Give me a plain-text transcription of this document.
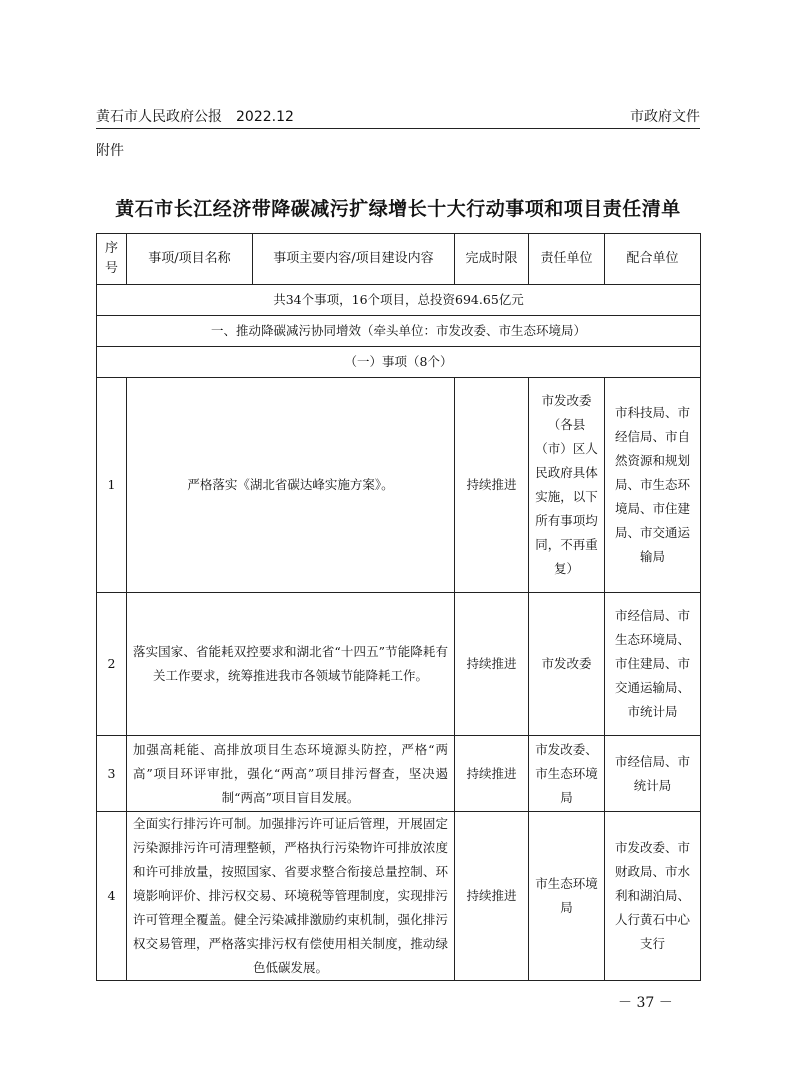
黄石市人民政府公报　2022.12	市政府文件
附件
黄石市长江经济带降碳减污扩绿增长十大行动事项和项目责任清单
序号	事项/项目名称	事项主要内容/项目建设内容	完成时限	责任单位	配合单位
共34个事项，16个项目，总投资694.65亿元					
一、推动降碳减污协同增效（牵头单位：市发改委、市生态环境局）					
（一）事项（8个）					
1	严格落实《湖北省碳达峰实施方案》。		持续推进	市发改委（各县（市）区人民政府具体实施，以下所有事项均同，不再重复）	市科技局、市经信局、市自然资源和规划局、市生态环境局、市住建局、市交通运输局
2	落实国家、省能耗双控要求和湖北省“十四五”节能降耗有关工作要求，统筹推进我市各领域节能降耗工作。		持续推进	市发改委	市经信局、市生态环境局、市住建局、市交通运输局、市统计局
3	加强高耗能、高排放项目生态环境源头防控，严格“两高”项目环评审批，强化“两高”项目排污督查，坚决遏制“两高”项目盲目发展。		持续推进	市发改委、市生态环境局	市经信局、市统计局
4	全面实行排污许可制。加强排污许可证后管理，开展固定污染源排污许可清理整顿，严格执行污染物许可排放浓度和许可排放量，按照国家、省要求整合衔接总量控制、环境影响评价、排污权交易、环境税等管理制度，实现排污许可管理全覆盖。健全污染减排激励约束机制，强化排污权交易管理，严格落实排污权有偿使用相关制度，推动绿色低碳发展。		持续推进	市生态环境局	市发改委、市财政局、市水利和湖泊局、人行黄石中心支行
－ 37 －
